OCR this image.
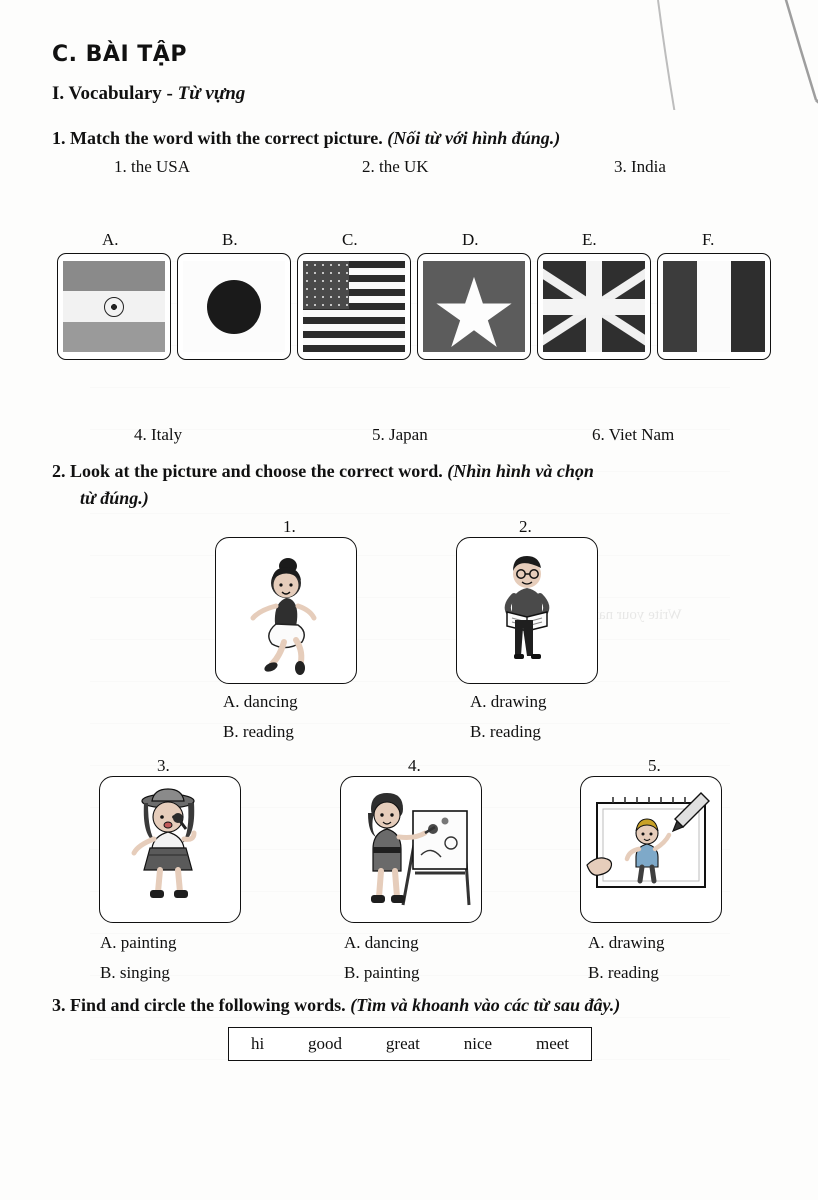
Write your
C. BÀI TẬP
I. Vocabulary - Từ vựng
1. Match the word with the correct picture. (Nối từ với hình đúng.)
1. the USA	2. the UK	3. India
A.	B.	C.	D.	E.	F.
4. Italy	5. Japan	6. Viet Nam
2. Look at the picture and choose the correct word. (Nhìn hình và chọn
từ đúng.)
1.	2.
A. dancing
B. reading
A. drawing
B. reading
3.	4.	5.
A. painting
B. singing
A. dancing
B. painting
A. drawing
B. reading
3. Find and circle the following words. (Tìm và khoanh vào các từ sau đây.)
hi	good	great	nice	meet
